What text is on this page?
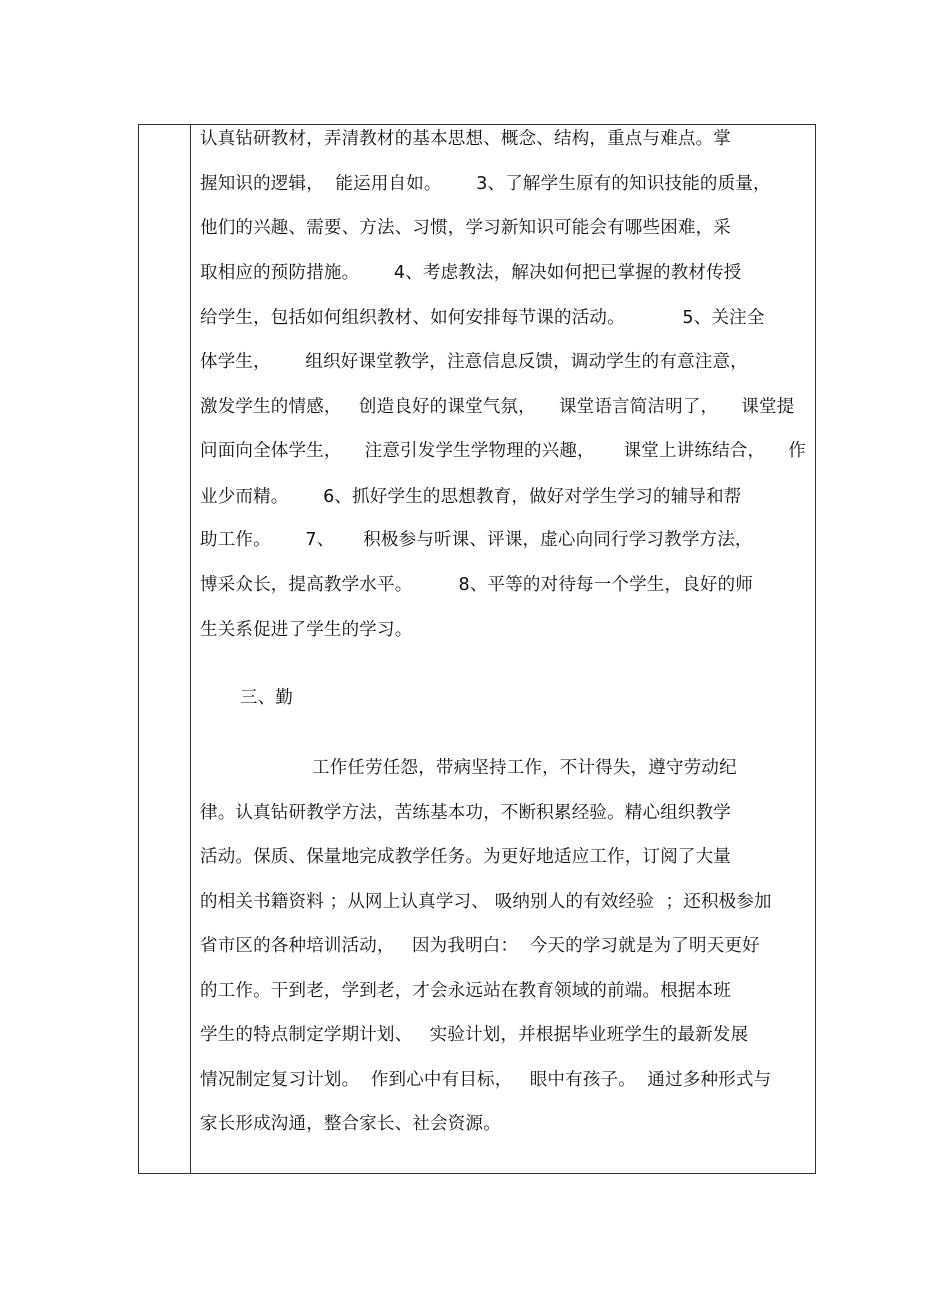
认真钻研教材，弄清教材的基本思想、概念、结构，重点与难点。掌
握知识的逻辑，  能运用自如。      3、了解学生原有的知识技能的质量，
他们的兴趣、需要、方法、习惯，学习新知识可能会有哪些困难，采
取相应的预防措施。      4、考虑教法，解决如何把已掌握的教材传授
给学生，包括如何组织教材、如何安排每节课的活动。          5、关注全
体学生，      组织好课堂教学，注意信息反馈，调动学生的有意注意，
激发学生的情感，   创造良好的课堂气氛，    课堂语言简洁明了，    课堂提
问面向全体学生，    注意引发学生学物理的兴趣，     课堂上讲练结合，    作
业少而精。      6、抓好学生的思想教育，做好对学生学习的辅导和帮
助工作。      7、     积极参与听课、评课，虚心向同行学习教学方法，
博采众长，提高教学水平。        8、平等的对待每一个学生，良好的师
生关系促进了学生的学习。
三、勤
工作任劳任怨，带病坚持工作，不计得失，遵守劳动纪
律。认真钻研教学方法，苦练基本功，不断积累经验。精心组织教学
活动。保质、保量地完成教学任务。为更好地适应工作，订阅了大量
的相关书籍资料 ；从网上认真学习、 吸纳别人的有效经验  ；还积极参加
省市区的各种培训活动，   因为我明白：  今天的学习就是为了明天更好
的工作。干到老，学到老，才会永远站在教育领域的前端。根据本班
学生的特点制定学期计划、   实验计划，并根据毕业班学生的最新发展
情况制定复习计划。  作到心中有目标，   眼中有孩子。  通过多种形式与
家长形成沟通，整合家长、社会资源。
